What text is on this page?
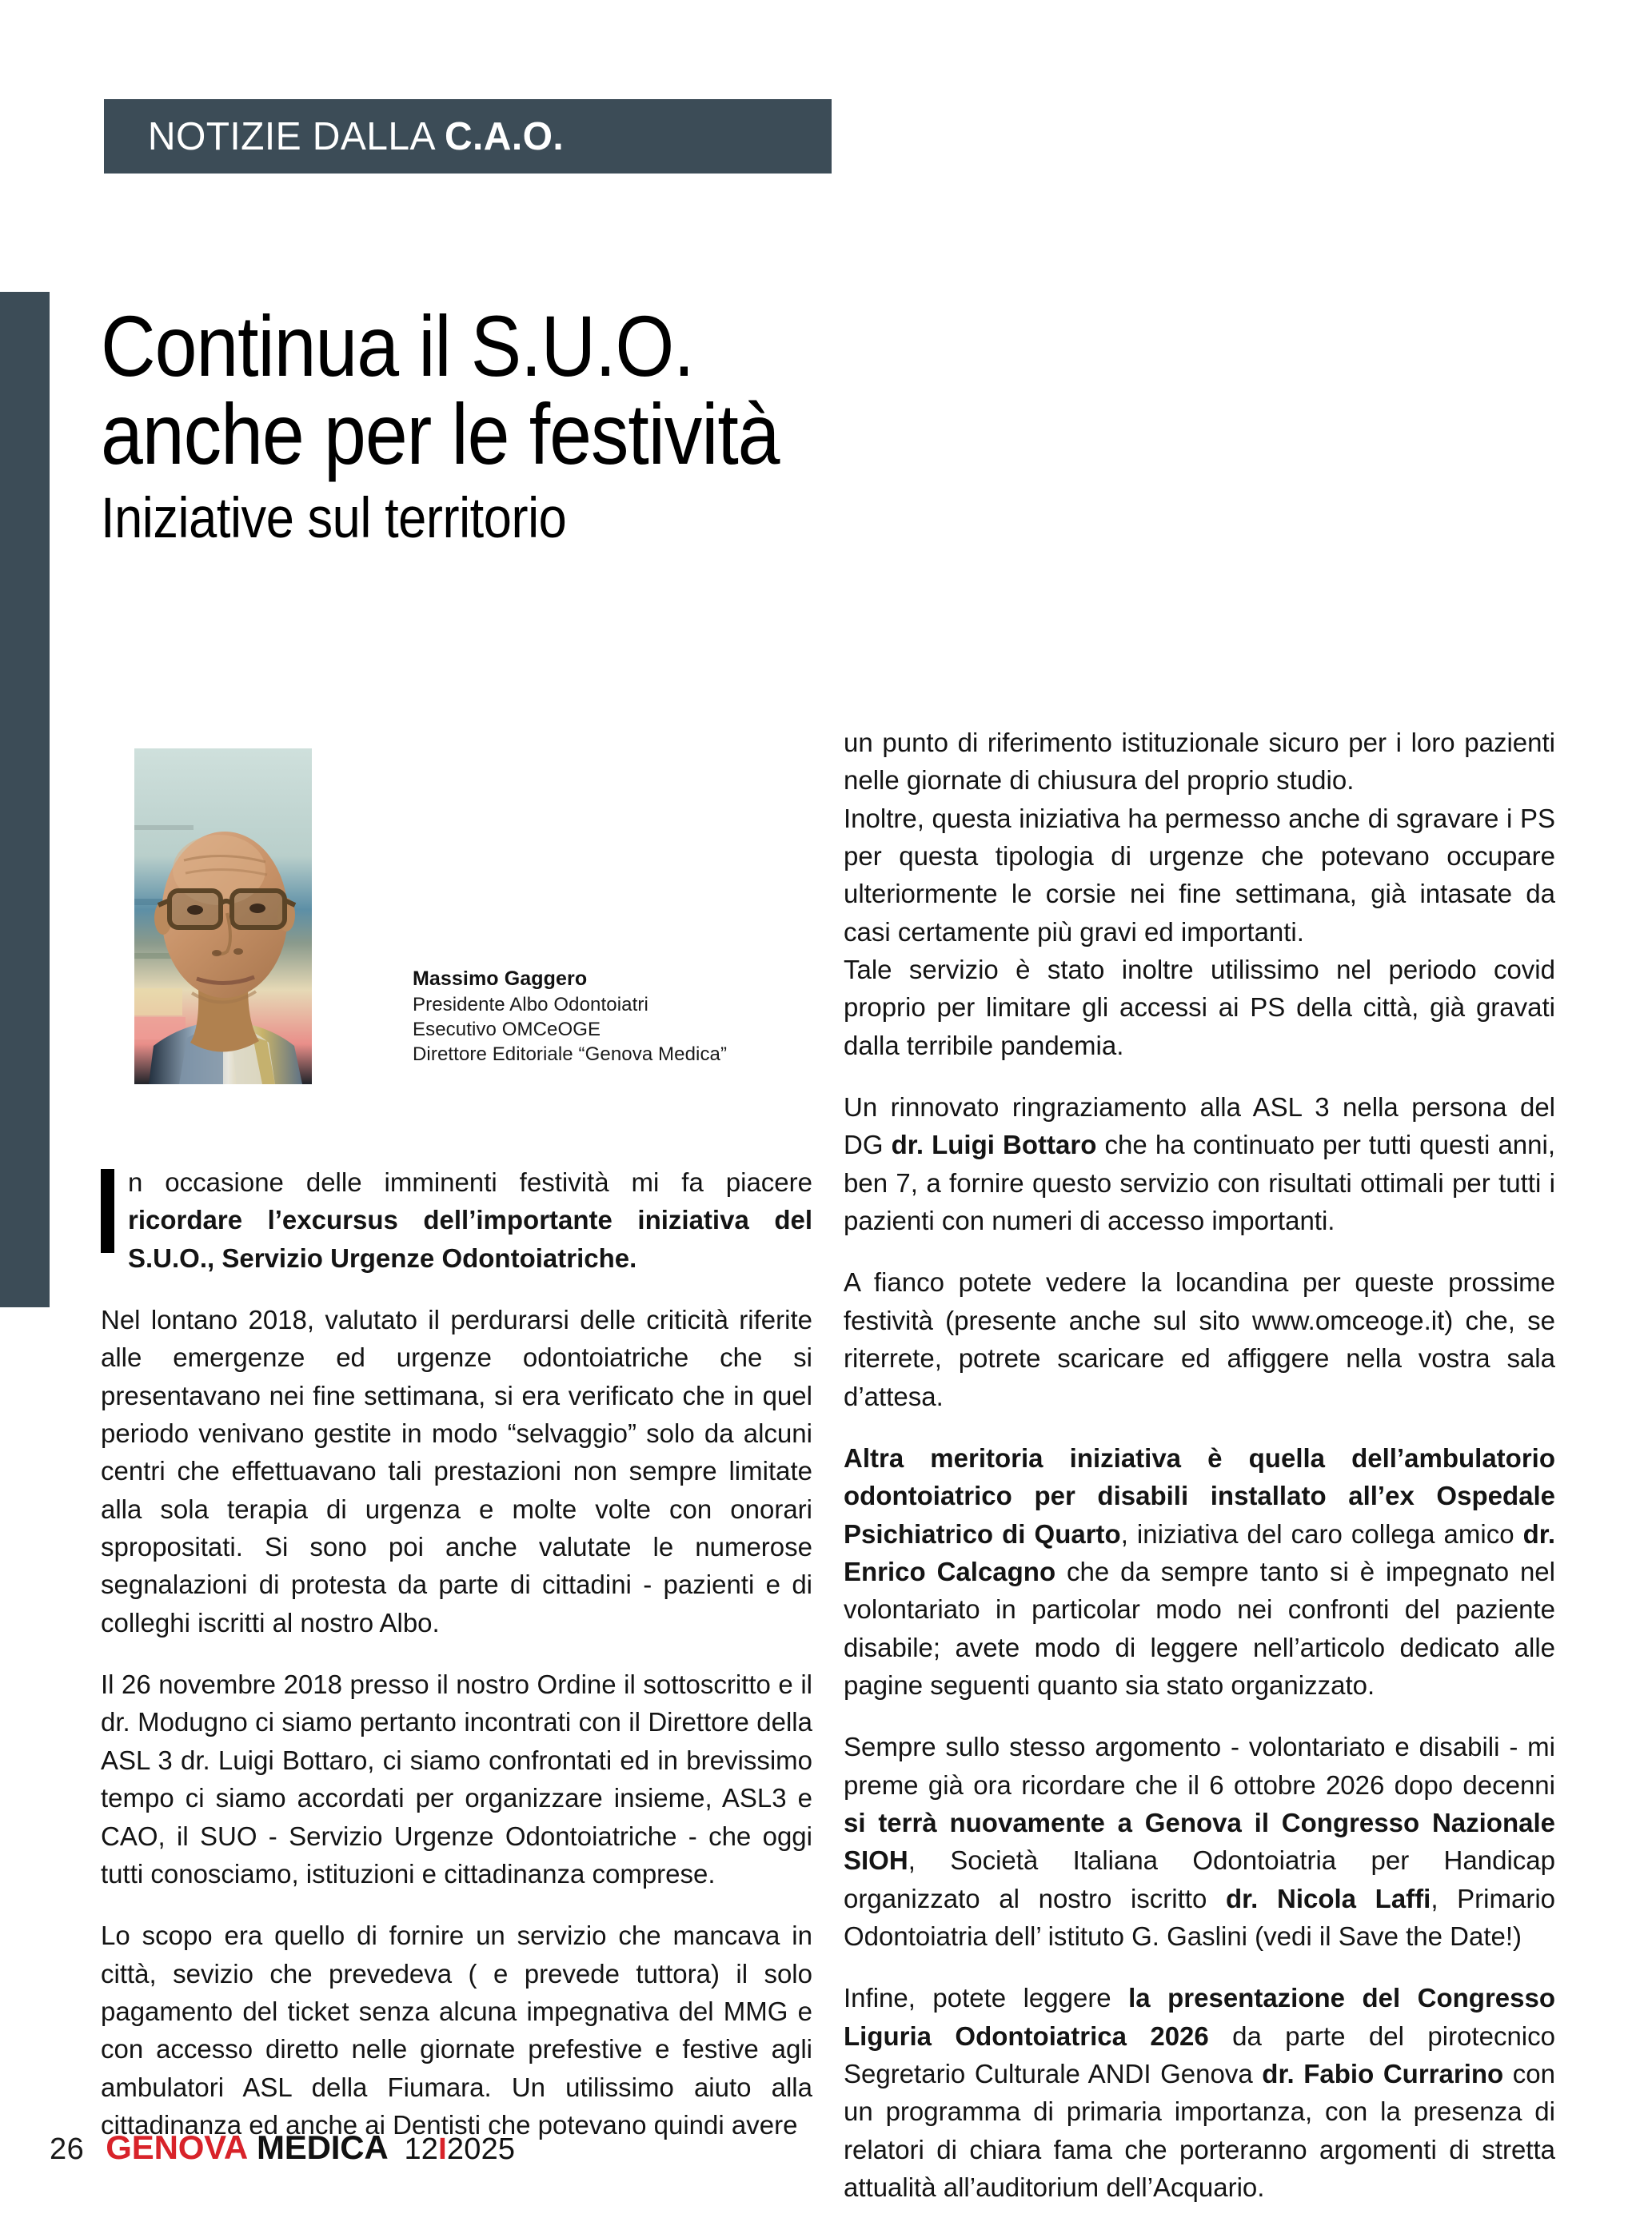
NOTIZIE DALLA C.A.O.
Continua il S.U.O.
anche per le festività
Iniziative sul territorio
Massimo Gaggero
Presidente Albo Odontoiatri
Esecutivo OMCeOGE
Direttore Editoriale “Genova Medica”

n occasione delle imminenti festività mi fa piacere ricordare l’excursus dell’importante iniziativa del S.U.O., Servizio Urgenze Odontoiatriche.

Nel lontano 2018, valutato il perdurarsi delle criticità riferite alle emergenze ed urgenze odontoiatriche che si presentavano nei fine settimana, si era verificato che in quel periodo venivano gestite in modo “selvaggio” solo da alcuni centri che effettuavano tali prestazioni non sempre limitate alla sola terapia di urgenza e molte volte con onorari spropositati. Si sono poi anche valutate le numerose segnalazioni di protesta da parte di cittadini - pazienti e di colleghi iscritti al nostro Albo.

Il 26 novembre 2018 presso il nostro Ordine il sottoscritto e il dr. Modugno ci siamo pertanto incontrati con il Direttore della ASL 3 dr. Luigi Bottaro, ci siamo confrontati ed in brevissimo tempo ci siamo accordati per organizzare insieme, ASL3 e CAO, il SUO - Servizio Urgenze Odontoiatriche - che oggi tutti conosciamo, istituzioni e cittadinanza comprese.

Lo scopo era quello di fornire un servizio che mancava in città, sevizio che prevedeva ( e prevede tuttora) il solo pagamento del ticket senza alcuna impegnativa del MMG e con accesso diretto nelle giornate prefestive e festive agli ambulatori ASL della Fiumara. Un utilissimo aiuto alla cittadinanza ed anche ai Dentisti che potevano quindi avere

un punto di riferimento istituzionale sicuro per i loro pazienti nelle giornate di chiusura del proprio studio.

Inoltre, questa iniziativa ha permesso anche di sgravare i PS per questa tipologia di urgenze che potevano occupare ulteriormente le corsie nei fine settimana, già intasate da casi certamente più gravi ed importanti.

Tale servizio è stato inoltre utilissimo nel periodo covid proprio per limitare gli accessi ai PS della città, già gravati dalla terribile pandemia.

Un rinnovato ringraziamento alla ASL 3 nella persona del DG dr. Luigi Bottaro che ha continuato per tutti questi anni, ben 7, a fornire questo servizio con risultati ottimali per tutti i pazienti con numeri di accesso importanti.

A fianco potete vedere la locandina per queste prossime festività (presente anche sul sito www.omceoge.it) che, se riterrete, potrete scaricare ed affiggere nella vostra sala d’attesa.

Altra meritoria iniziativa è quella dell’ambulatorio odontoiatrico per disabili installato all’ex Ospedale Psichiatrico di Quarto, iniziativa del caro collega amico dr. Enrico Calcagno che da sempre tanto si è impegnato nel volontariato in particolar modo nei confronti del paziente disabile; avete modo di leggere nell’articolo dedicato alle pagine seguenti quanto sia stato organizzato.

Sempre sullo stesso argomento - volontariato e disabili - mi preme già ora ricordare che il 6 ottobre 2026 dopo decenni si terrà nuovamente a Genova il Congresso Nazionale SIOH, Società Italiana Odontoiatria per Handicap organizzato al nostro iscritto dr. Nicola Laffi, Primario Odontoiatria dell’ istituto G. Gaslini (vedi il Save the Date!)

Infine, potete leggere la presentazione del Congresso Liguria Odontoiatrica 2026 da parte del pirotecnico Segretario Culturale ANDI Genova dr. Fabio Currarino con un programma di primaria importanza, con la presenza di relatori di chiara fama che porteranno argomenti di stretta attualità all’auditorium dell’Acquario.

26 GENOVA MEDICA 12I2025
